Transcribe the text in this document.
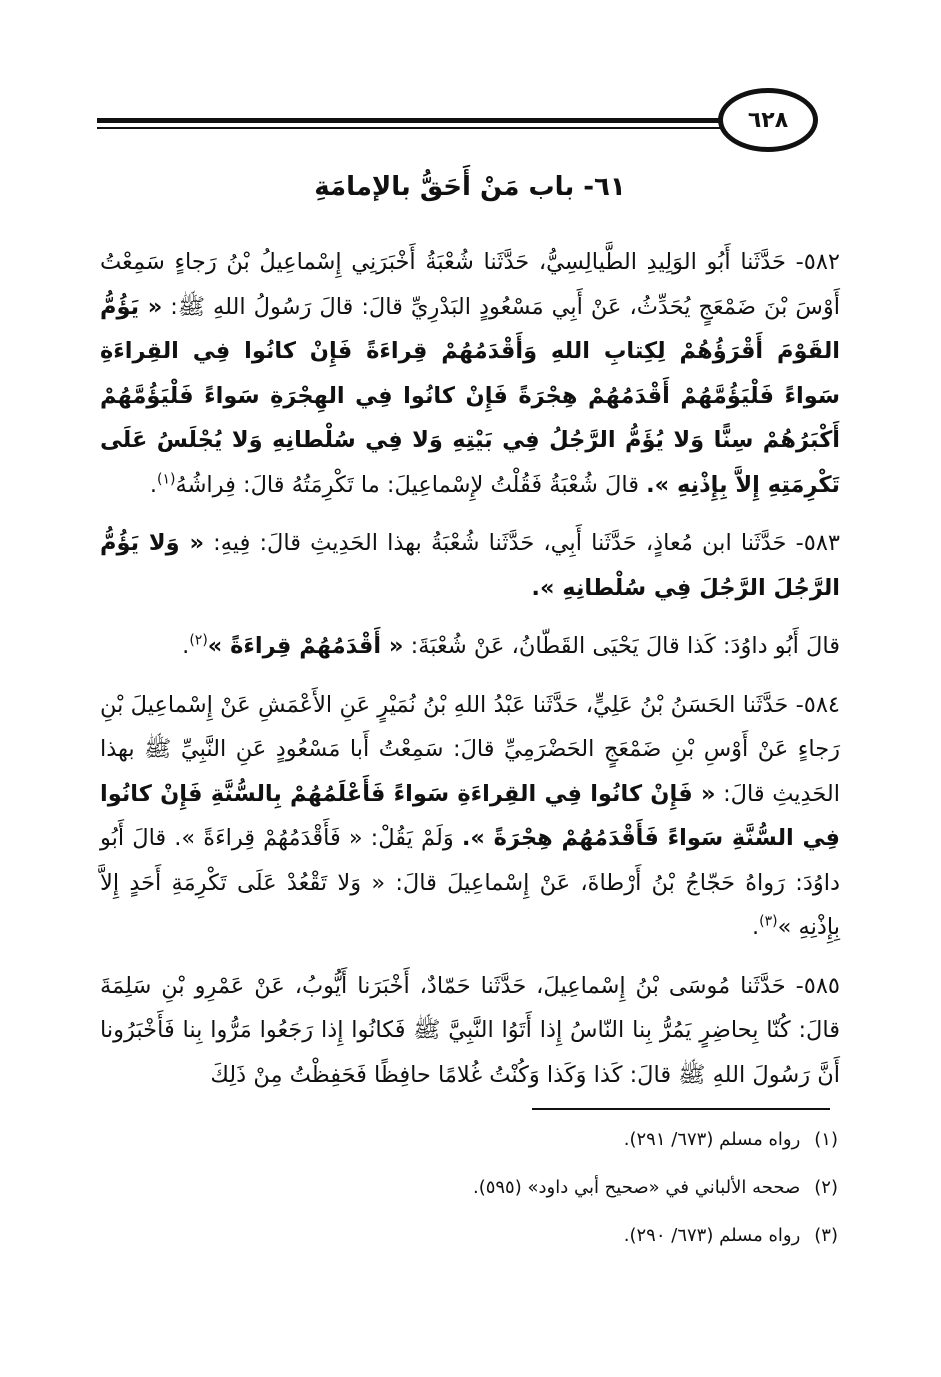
٦٢٨
٦١- باب مَنْ أَحَقُّ بالإمامَةِ

٥٨٢- حَدَّثَنا أَبُو الوَلِيدِ الطَّيالِسِيُّ، حَدَّثَنا شُعْبَةُ أَخْبَرَنِي إِسْماعِيلُ بْنُ رَجاءٍ سَمِعْتُ أَوْسَ بْنَ ضَمْعَجٍ يُحَدِّثُ، عَنْ أَبِي مَسْعُودٍ البَدْرِيِّ قالَ: قالَ رَسُولُ اللهِ ﷺ: « يَؤُمُّ القَوْمَ أَقْرَؤُهُمْ لِكِتابِ اللهِ وَأَقْدَمُهُمْ قِراءَةً فَإِنْ كانُوا فِي القِراءَةِ سَواءً فَلْيَؤُمَّهُمْ أَقْدَمُهُمْ هِجْرَةً فَإِنْ كانُوا فِي الهِجْرَةِ سَواءً فَلْيَؤُمَّهُمْ أَكْبَرُهُمْ سِنًّا وَلا يُؤَمُّ الرَّجُلُ فِي بَيْتِهِ وَلا فِي سُلْطانِهِ وَلا يُجْلَسُ عَلَى تَكْرِمَتِهِ إِلاَّ بِإِذْنِهِ ». قالَ شُعْبَةُ فَقُلْتُ لإِسْماعِيلَ: ما تَكْرِمَتُهُ قالَ: فِراشُهُ$^{(١)}$.

٥٨٣- حَدَّثَنا ابن مُعاذٍ، حَدَّثَنا أَبِي، حَدَّثَنا شُعْبَةُ بهذا الحَدِيثِ قالَ: فِيهِ: « وَلا يَؤُمُّ الرَّجُلَ الرَّجُلَ فِي سُلْطانِهِ ».

قالَ أَبُو داوُدَ: كَذا قالَ يَحْيَى القَطّانُ، عَنْ شُعْبَةَ: « أَقْدَمُهُمْ قِراءَةً »$^{(٢)}$.

٥٨٤- حَدَّثَنا الحَسَنُ بْنُ عَلِيٍّ، حَدَّثَنا عَبْدُ اللهِ بْنُ نُمَيْرٍ عَنِ الأَعْمَشِ عَنْ إِسْماعِيلَ بْنِ رَجاءٍ عَنْ أَوْسِ بْنِ ضَمْعَجٍ الحَضْرَمِيِّ قالَ: سَمِعْتُ أَبا مَسْعُودٍ عَنِ النَّبِيِّ ﷺ بهذا الحَدِيثِ قالَ: « فَإِنْ كانُوا فِي القِراءَةِ سَواءً فَأَعْلَمُهُمْ بِالسُّنَّةِ فَإِنْ كانُوا فِي السُّنَّةِ سَواءً فَأَقْدَمُهُمْ هِجْرَةً ». وَلَمْ يَقُلْ: « فَأَقْدَمُهُمْ قِراءَةً ». قالَ أَبُو داوُدَ: رَواهُ حَجّاجُ بْنُ أَرْطاةَ، عَنْ إِسْماعِيلَ قالَ: « وَلا تَقْعُدْ عَلَى تَكْرِمَةِ أَحَدٍ إِلاَّ بِإِذْنِهِ »$^{(٣)}$.

٥٨٥- حَدَّثَنا مُوسَى بْنُ إِسْماعِيلَ، حَدَّثَنا حَمّادٌ، أَخْبَرَنا أَيُّوبُ، عَنْ عَمْرِو بْنِ سَلِمَةَ قالَ: كُنّا بِحاضِرٍ يَمُرُّ بِنا النّاسُ إِذا أَتَوُا النَّبِيَّ ﷺ فَكانُوا إِذا رَجَعُوا مَرُّوا بِنا فَأَخْبَرُونا أَنَّ رَسُولَ اللهِ ﷺ قالَ: كَذا وَكَذا وَكُنْتُ غُلامًا حافِظًا فَحَفِظْتُ مِنْ ذَلِكَ

(١)رواه مسلم (٦٧٣/ ٢٩١).

(٢)صححه الألباني في «صحيح أبي داود» (٥٩٥).

(٣)رواه مسلم (٦٧٣/ ٢٩٠).
